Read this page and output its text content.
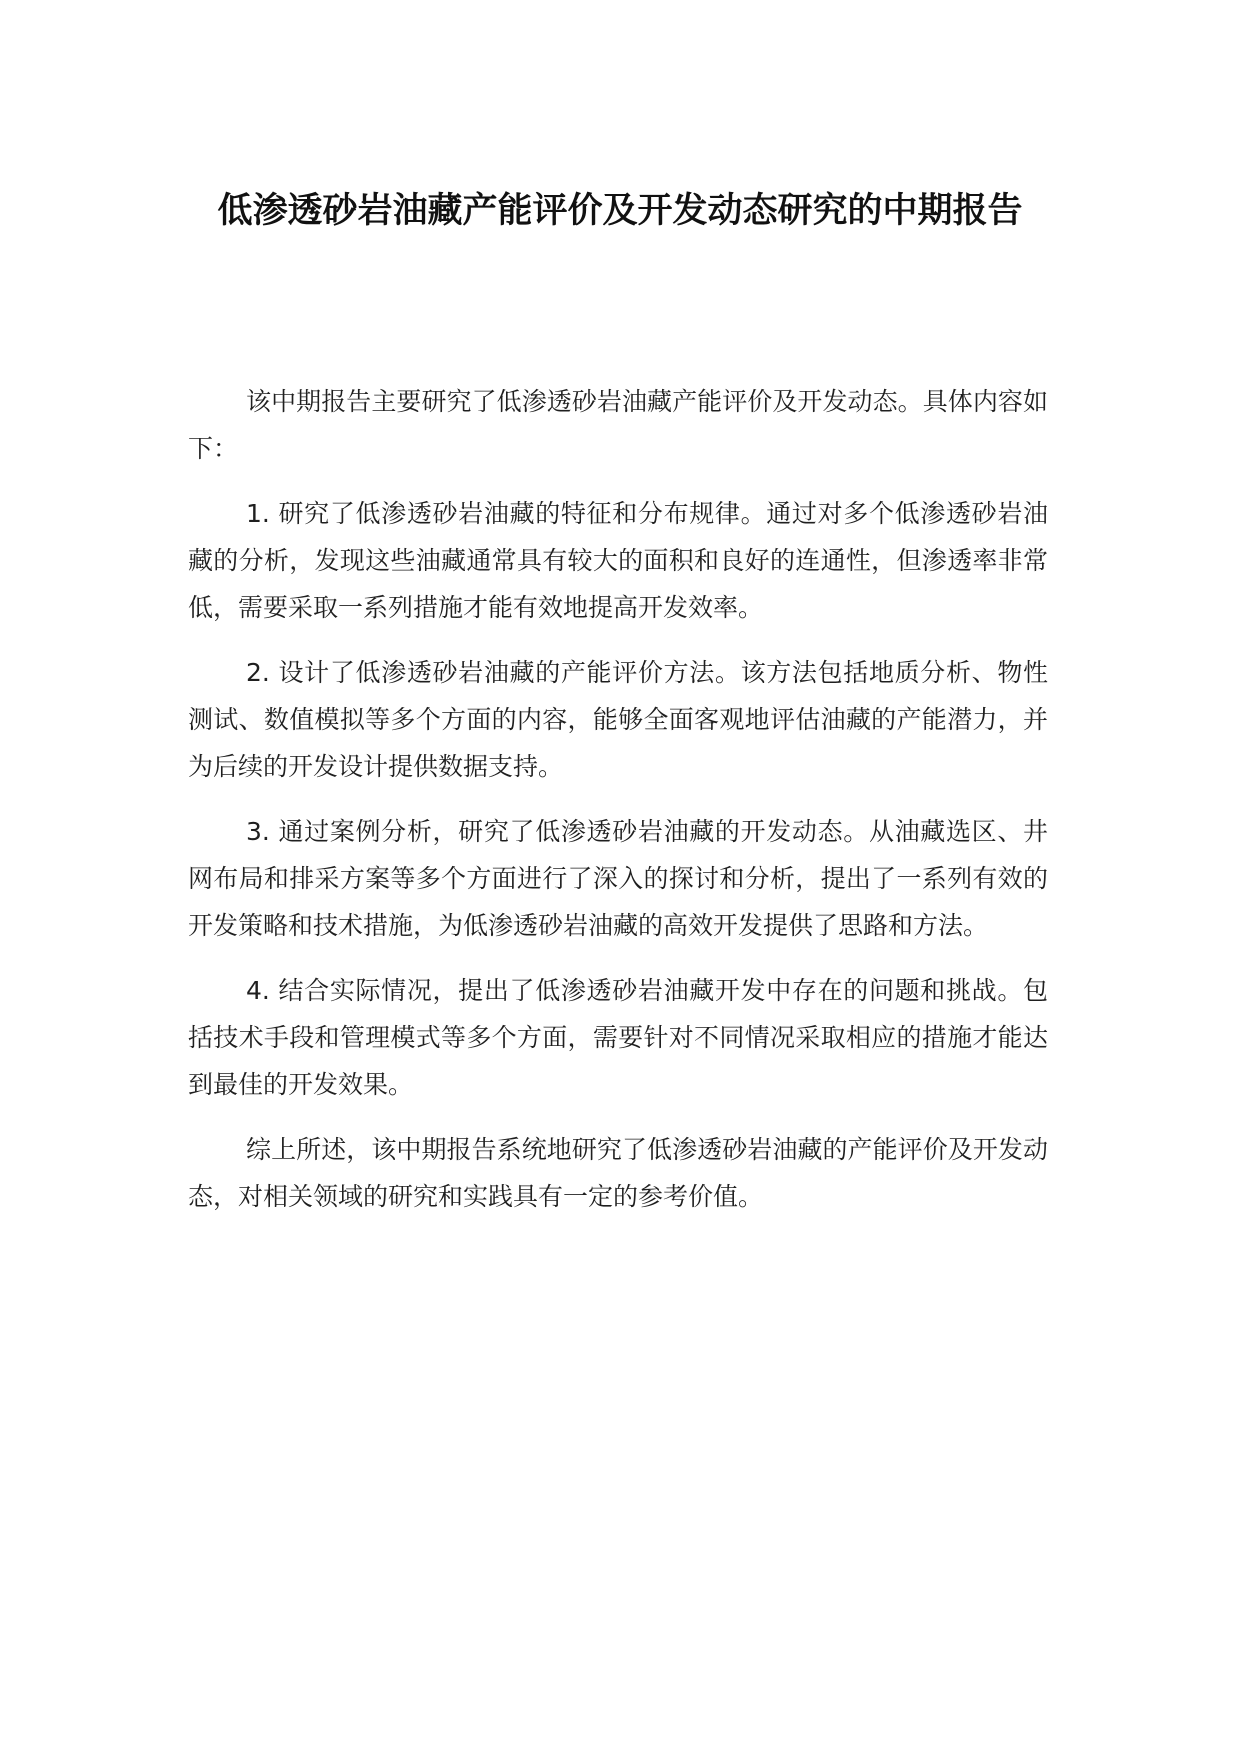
低渗透砂岩油藏产能评价及开发动态研究的中期报告

该中期报告主要研究了低渗透砂岩油藏产能评价及开发动态。具体内容如下：

1. 研究了低渗透砂岩油藏的特征和分布规律。通过对多个低渗透砂岩油藏的分析，发现这些油藏通常具有较大的面积和良好的连通性，但渗透率非常低，需要采取一系列措施才能有效地提高开发效率。

2. 设计了低渗透砂岩油藏的产能评价方法。该方法包括地质分析、物性测试、数值模拟等多个方面的内容，能够全面客观地评估油藏的产能潜力，并为后续的开发设计提供数据支持。

3. 通过案例分析，研究了低渗透砂岩油藏的开发动态。从油藏选区、井网布局和排采方案等多个方面进行了深入的探讨和分析，提出了一系列有效的开发策略和技术措施，为低渗透砂岩油藏的高效开发提供了思路和方法。

4. 结合实际情况，提出了低渗透砂岩油藏开发中存在的问题和挑战。包括技术手段和管理模式等多个方面，需要针对不同情况采取相应的措施才能达到最佳的开发效果。

综上所述，该中期报告系统地研究了低渗透砂岩油藏的产能评价及开发动态，对相关领域的研究和实践具有一定的参考价值。
